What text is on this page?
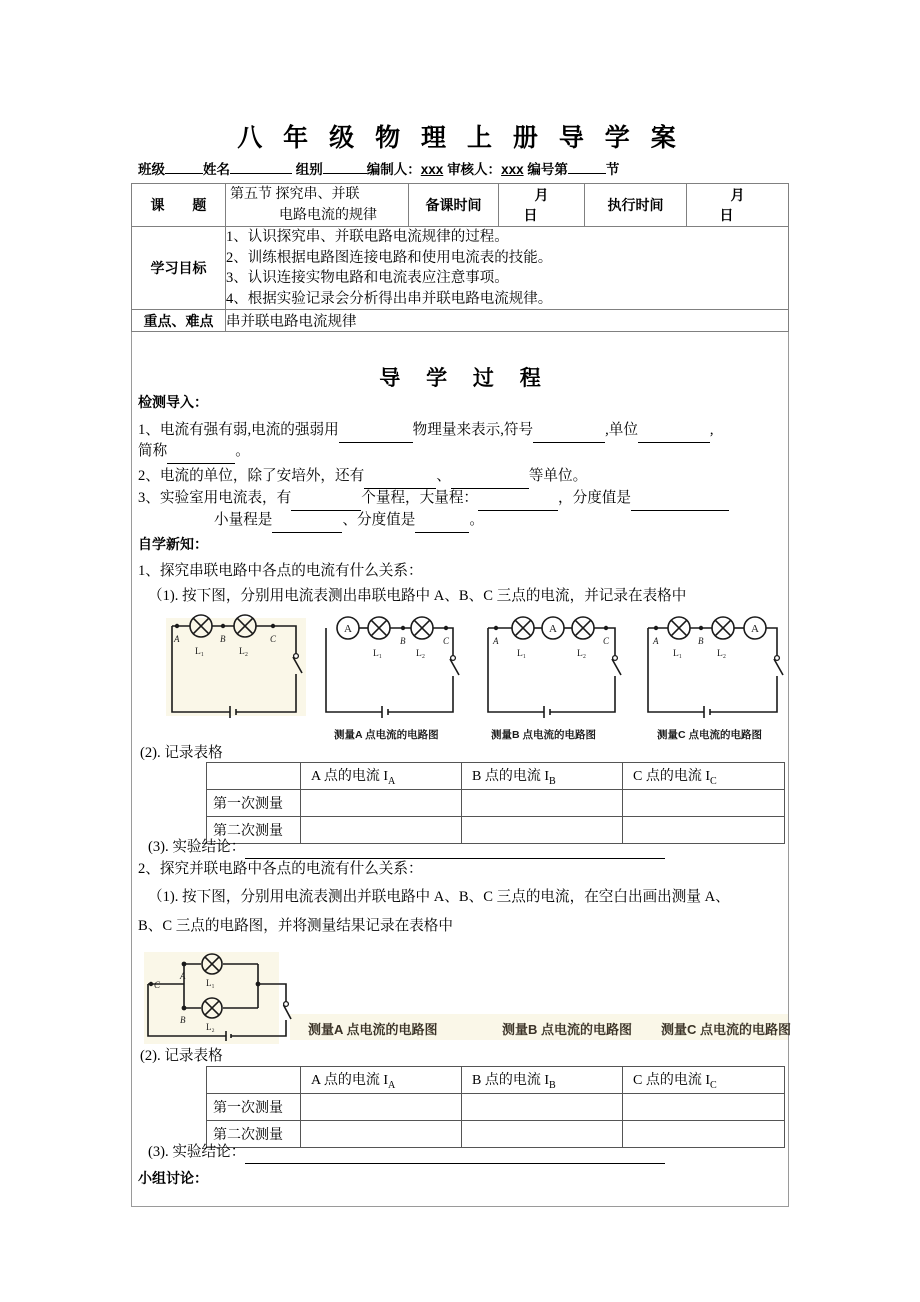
八 年 级 物 理 上 册 导 学 案
班级	姓名	组别	编制人：xxx 审核人：xxx 编号第	节
课 题	第五节 探究串、并联
电路电流的规律	备课时间	月 日	执行时间	月 日
学习目标	1、认识探究串、并联电路电流规律的过程。
2、训练根据电路图连接电路和使用电流表的技能。
3、认识连接实物电路和电流表应注意事项。
4、根据实验记录会分析得出串并联电路电流规律。				

重点、难点	串并联电路电流规律				
导 学 过 程
检测导入：
1、电流有强有弱,电流的强弱用	物理量来表示,符号	,单位	,
简称	。
2、电流的单位，除了安培外，还有	、	等单位。
3、实验室用电流表，有	个量程，大量程：	，分度值是
小量程是	、分度值是	。
自学新知：
1、探究串联电路中各点的电流有什么关系：
（1). 按下图，分别用电流表测出串联电路中 A、B、C 三点的电流，并记录在表格中
A	B	C
L₁	L₂
A
B	C
L₁	L₂
A	C
A
L₁	L₂
A	B
A
L₁	L₂
测量A 点电流的电路图	测量B 点电流的电路图	测量C 点电流的电路图
(2). 记录表格
	A 点的电流 $I_A$	B 点的电流 $I_B$	C 点的电流 $I_C$
第一次测量			
第二次测量			
(3). 实验结论：
2、探究并联电路中各点的电流有什么关系：
（1). 按下图，分别用电流表测出并联电路中 A、B、C 三点的电流，在空白出画出测量 A、
B、C 三点的电路图，并将测量结果记录在表格中
C
A
B
L₁
L₂	测量A 点电流的电路图	测量B 点电流的电路图 测量C 点电流的电路图
(2). 记录表格
	A 点的电流 $I_A$	B 点的电流 $I_B$	C 点的电流 $I_C$
第一次测量			
第二次测量			
(3). 实验结论：
小组讨论：
